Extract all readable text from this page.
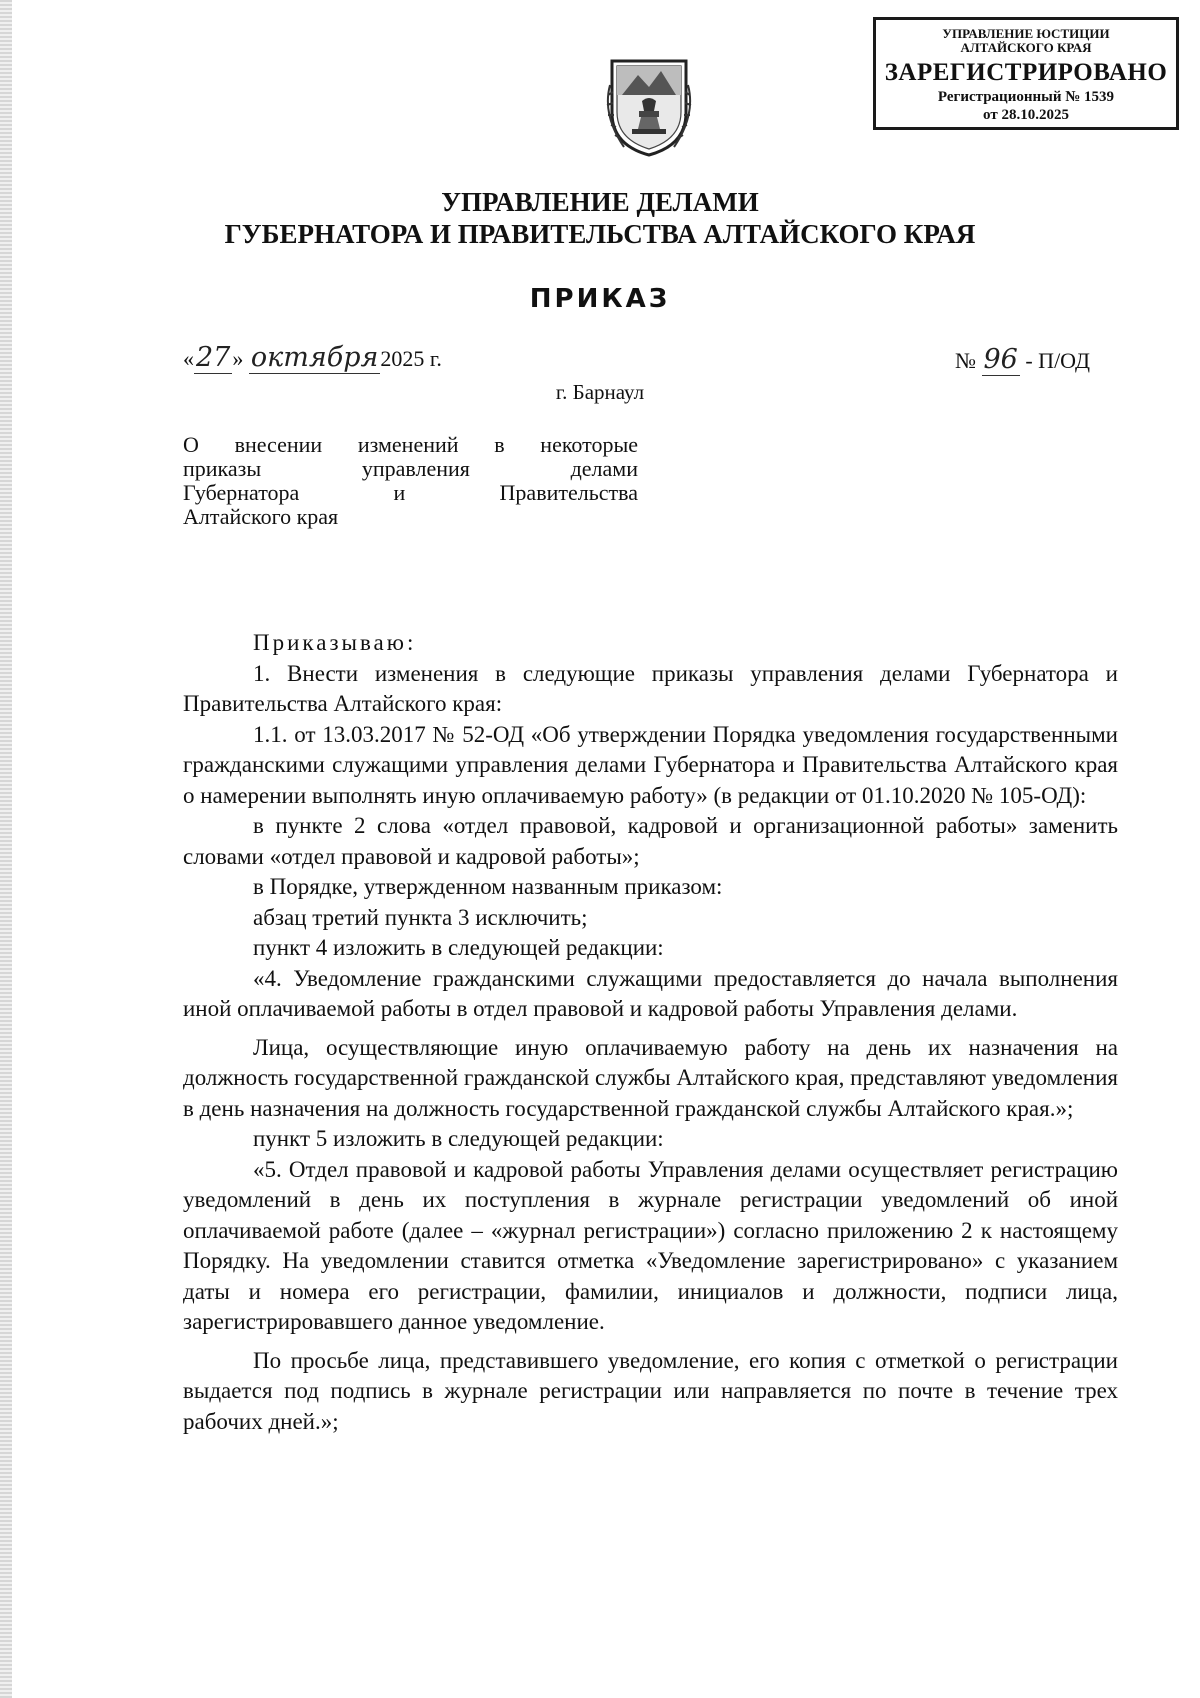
УПРАВЛЕНИЕ ЮСТИЦИИ
АЛТАЙСКОГО КРАЯ
ЗАРЕГИСТРИРОВАНО
Регистрационный № 1539
от 28.10.2025
УПРАВЛЕНИЕ ДЕЛАМИ
ГУБЕРНАТОРА И ПРАВИТЕЛЬСТВА АЛТАЙСКОГО КРАЯ
ПРИКАЗ
«27» октября2025 г.	№ 96 - П/ОД
г. Барнаул
О внесении изменений в некоторые
приказы управления делами
Губернатора и Правительства
Алтайского края

Приказываю:

1. Внести изменения в следующие приказы управления делами Губернатора и Правительства Алтайского края:

1.1. от 13.03.2017 № 52-ОД «Об утверждении Порядка уведомления государственными гражданскими служащими управления делами Губернатора и Правительства Алтайского края о намерении выполнять иную оплачиваемую работу» (в редакции от 01.10.2020 № 105-ОД):

в пункте 2 слова «отдел правовой, кадровой и организационной работы» заменить словами «отдел правовой и кадровой работы»;

в Порядке, утвержденном названным приказом:

абзац третий пункта 3 исключить;

пункт 4 изложить в следующей редакции:

«4. Уведомление гражданскими служащими предоставляется до начала выполнения иной оплачиваемой работы в отдел правовой и кадровой работы Управления делами.

Лица, осуществляющие иную оплачиваемую работу на день их назначения на должность государственной гражданской службы Алтайского края, представляют уведомления в день назначения на должность государственной гражданской службы Алтайского края.»;

пункт 5 изложить в следующей редакции:

«5. Отдел правовой и кадровой работы Управления делами осуществляет регистрацию уведомлений в день их поступления в журнале регистрации уведомлений об иной оплачиваемой работе (далее – «журнал регистрации») согласно приложению 2 к настоящему Порядку. На уведомлении ставится отметка «Уведомление зарегистрировано» с указанием даты и номера его регистрации, фамилии, инициалов и должности, подписи лица, зарегистрировавшего данное уведомление.

По просьбе лица, представившего уведомление, его копия с отметкой о регистрации выдается под подпись в журнале регистрации или направляется по почте в течение трех рабочих дней.»;
